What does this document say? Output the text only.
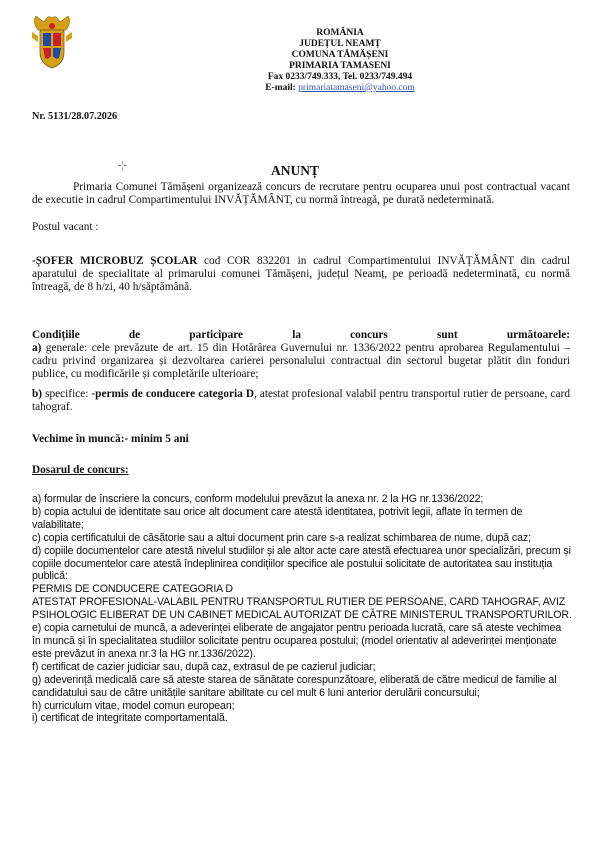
ROMÂNIA
JUDEȚUL NEAMȚ
COMUNA TĂMĂȘENI
PRIMARIA TAMASENI
Fax 0233/749.333, Tel. 0233/749.494
E-mail: primariatamaseni@yahoo.com
Nr. 5131/28.07.2026
-¦-	ANUNȚ
Primaria Comunei Tămășeni organizează concurs de recrutare pentru ocuparea unui post contractual vacant de executie in cadrul Compartimentului INVĂȚĂMÂNT, cu normă întreagă, pe durată nedeterminată.
Postul vacant :
-ȘOFER MICROBUZ ȘCOLAR cod COR 832201 in cadrul Compartimentului INVĂȚĂMÂNT din cadrul aparatului de specialitate al primarului comunei Tămășeni, județul Neamț, pe perioadă nedeterminată, cu normă întreagă, de 8 h/zi, 40 h/săptămână.
Condițiile de participare la concurs sunt următoarele:
a) generale: cele prevăzute de art. 15 din Hotărârea Guvernului nr. 1336/2022 pentru aprobarea Regulamentului – cadru privind organizarea și dezvoltarea carierei personalului contractual din sectorul bugetar plătit din fonduri publice, cu modificările și completările ulterioare;
b) specifice: -permis de conducere categoria D, atestat profesional valabil pentru transportul rutier de persoane, card tahograf.
Vechime în muncă:- minim 5 ani
Dosarul de concurs:

a) formular de înscriere la concurs, conform modelului prevăzut la anexa nr. 2 la HG nr.1336/2022;

b) copia actului de identitate sau orice alt document care atestă identitatea, potrivit legii, aflate în termen de valabilitate;

c) copia certificatului de căsătorie sau a altui document prin care s-a realizat schimbarea de nume, după caz;

d) copiile documentelor care atestă nivelul studiilor și ale altor acte care atestă efectuarea unor specializări, precum și copiile documentelor care atestă îndeplinirea condițiilor specifice ale postului solicitate de autoritatea sau instituția publică:

PERMIS DE CONDUCERE CATEGORIA D

ATESTAT PROFESIONAL-VALABIL PENTRU TRANSPORTUL RUTIER DE PERSOANE, CARD TAHOGRAF, AVIZ PSIHOLOGIC ELIBERAT DE UN CABINET MEDICAL AUTORIZAT DE CĂTRE MINISTERUL TRANSPORTURILOR.

e) copia carnetului de muncă, a adeverinței eliberate de angajator pentru perioada lucrată, care să ateste vechimea în muncă și în specialitatea studiilor solicitate pentru ocuparea postului; (model orientativ al adeverinței menționate este prevăzut in anexa nr.3 la HG nr.1336/2022).

f) certificat de cazier judiciar sau, după caz, extrasul de pe cazierul judiciar;

g) adeverință medicală care să ateste starea de sănătate corespunzătoare, eliberată de către medicul de familie al candidatului sau de către unitățile sanitare abilitate cu cel mult 6 luni anterior derulării concursului;

h) curriculum vitae, model comun european;

i) certificat de integritate comportamentală.
